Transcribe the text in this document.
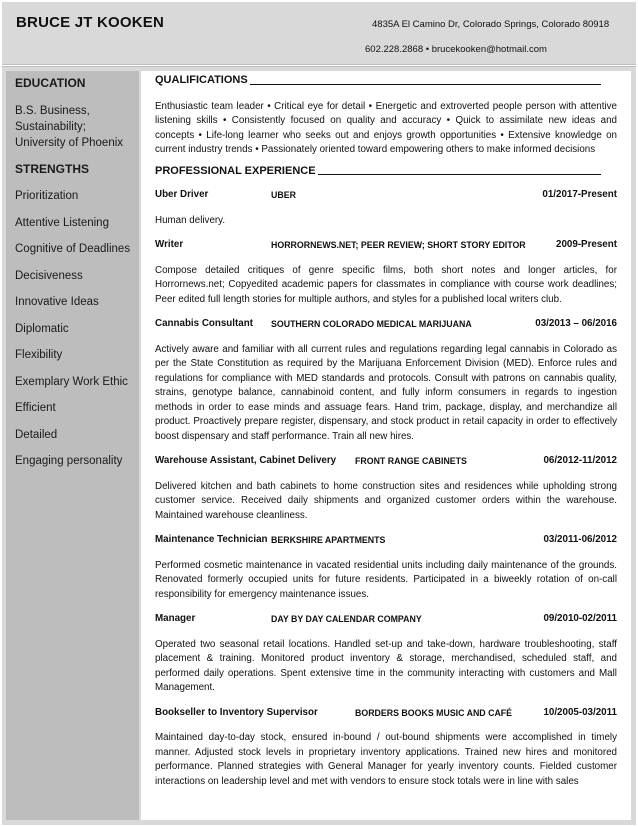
BRUCE JT KOOKEN	4835A El Camino Dr, Colorado Springs, Colorado 80918
602.228.2868 • brucekooken@hotmail.com
EDUCATION
B.S. Business, Sustainability; University of Phoenix
STRENGTHS
Prioritization
Attentive Listening
Cognitive of Deadlines
Decisiveness
Innovative Ideas
Diplomatic
Flexibility
Exemplary Work Ethic
Efficient
Detailed
Engaging personality
QUALIFICATIONS

Enthusiastic team leader • Critical eye for detail • Energetic and extroverted people person with attentive listening skills • Consistently focused on quality and accuracy • Quick to assimilate new ideas and concepts • Life-long learner who seeks out and enjoys growth opportunities • Extensive knowledge on current industry trends • Passionately oriented toward empowering others to make informed decisions

PROFESSIONAL EXPERIENCE
Uber Driver	UBER	01/2017-Present

Human delivery.

Writer	HORRORNEWS.NET; PEER REVIEW; SHORT STORY EDITOR	2009-Present

Compose detailed critiques of genre specific films, both short notes and longer articles, for Horrornews.net; Copyedited academic papers for classmates in compliance with course work deadlines; Peer edited full length stories for multiple authors, and styles for a published local writers club.

Cannabis Consultant	SOUTHERN COLORADO MEDICAL MARIJUANA	03/2013 – 06/2016

Actively aware and familiar with all current rules and regulations regarding legal cannabis in Colorado as per the State Constitution as required by the Marijuana Enforcement Division (MED). Enforce rules and regulations for compliance with MED standards and protocols. Consult with patrons on cannabis quality, strains, genotype balance, cannabinoid content, and fully inform consumers in regards to ingestion methods in order to ease minds and assuage fears. Hand trim, package, display, and merchandize all product. Proactively prepare register, dispensary, and stock product in retail capacity in order to effectively boost dispensary and staff performance. Train all new hires.

Warehouse Assistant, Cabinet Delivery	FRONT RANGE CABINETS	06/2012-11/2012

Delivered kitchen and bath cabinets to home construction sites and residences while upholding strong customer service. Received daily shipments and organized customer orders within the warehouse. Maintained warehouse cleanliness.

Maintenance Technician BERKSHIRE APARTMENTS	03/2011-06/2012

Performed cosmetic maintenance in vacated residential units including daily maintenance of the grounds. Renovated formerly occupied units for future residents. Participated in a biweekly rotation of on-call responsibility for emergency maintenance issues.

Manager	DAY BY DAY CALENDAR COMPANY	09/2010-02/2011

Operated two seasonal retail locations. Handled set-up and take-down, hardware troubleshooting, staff placement & training. Monitored product inventory & storage, merchandised, scheduled staff, and performed daily operations. Spent extensive time in the community interacting with customers and Mall Management.

Bookseller to Inventory Supervisor	BORDERS BOOKS MUSIC AND CAFÉ	10/2005-03/2011

Maintained day-to-day stock, ensured in-bound / out-bound shipments were accomplished in timely manner. Adjusted stock levels in proprietary inventory applications. Trained new hires and monitored performance. Planned strategies with General Manager for yearly inventory counts. Fielded customer interactions on leadership level and met with vendors to ensure stock totals were in line with sales
